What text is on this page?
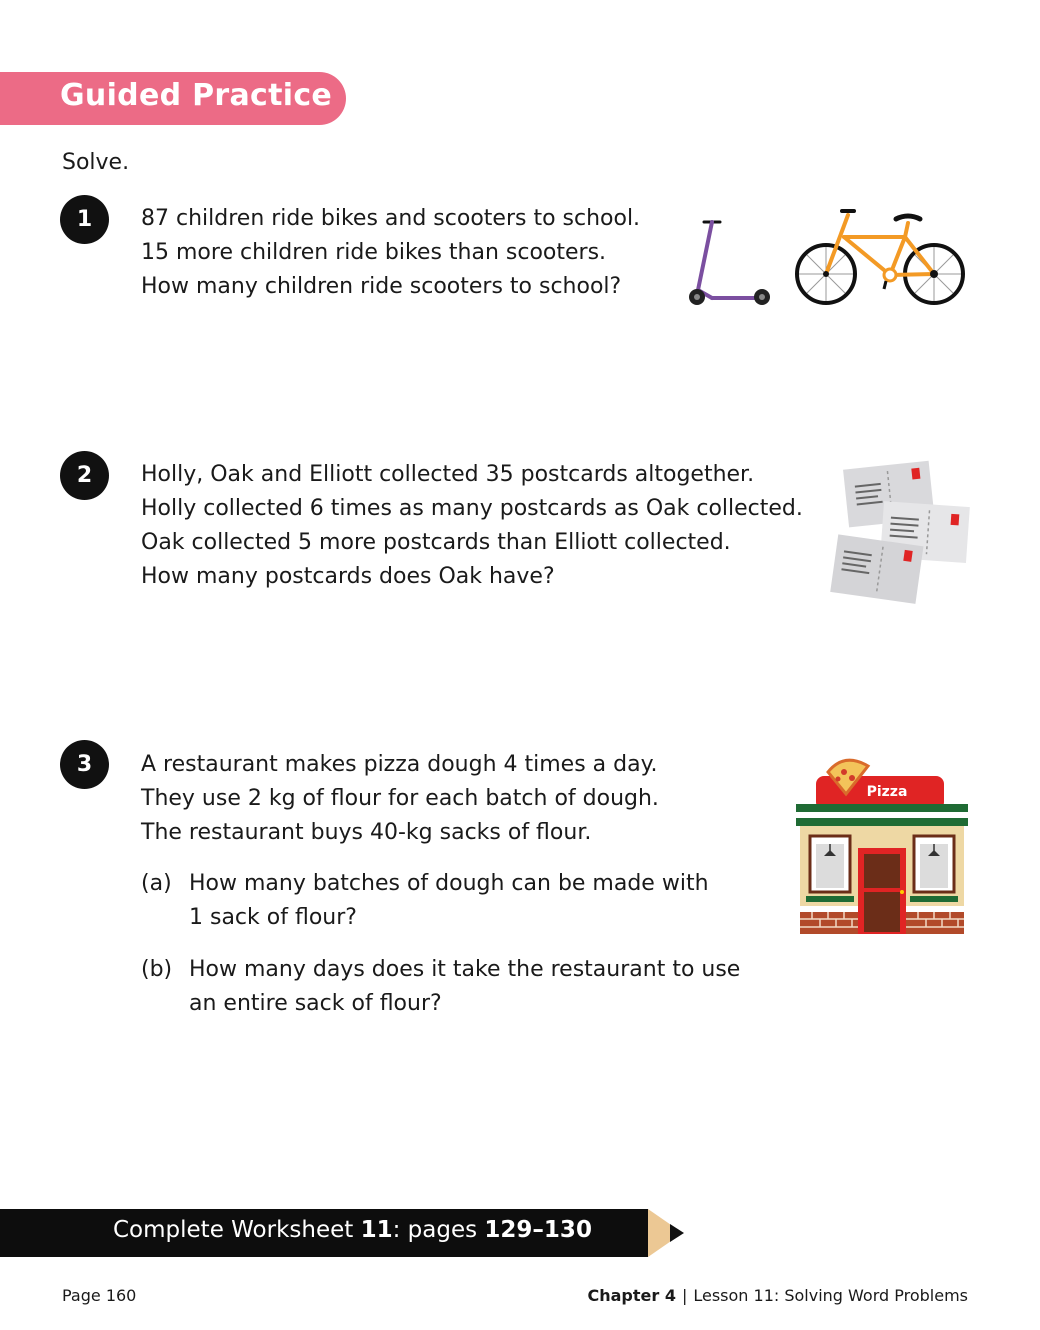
Guided Practice
Solve.
1	87 children ride bikes and scooters to school.
15 more children ride bikes than scooters.
How many children ride scooters to school?
2	Holly, Oak and Elliott collected 35 postcards altogether.
Holly collected 6 times as many postcards as Oak collected.
Oak collected 5 more postcards than Elliott collected.
How many postcards does Oak have?
3	A restaurant makes pizza dough 4 times a day.
They use 2 kg of flour for each batch of dough.
The restaurant buys 40-kg sacks of flour.
(a) How many batches of dough can be made with
1 sack of flour?
(b) How many days does it take the restaurant to use
an entire sack of flour?
Pizza
Complete Worksheet 11: pages 129–130
Page 160	Chapter 4 | Lesson 11: Solving Word Problems
